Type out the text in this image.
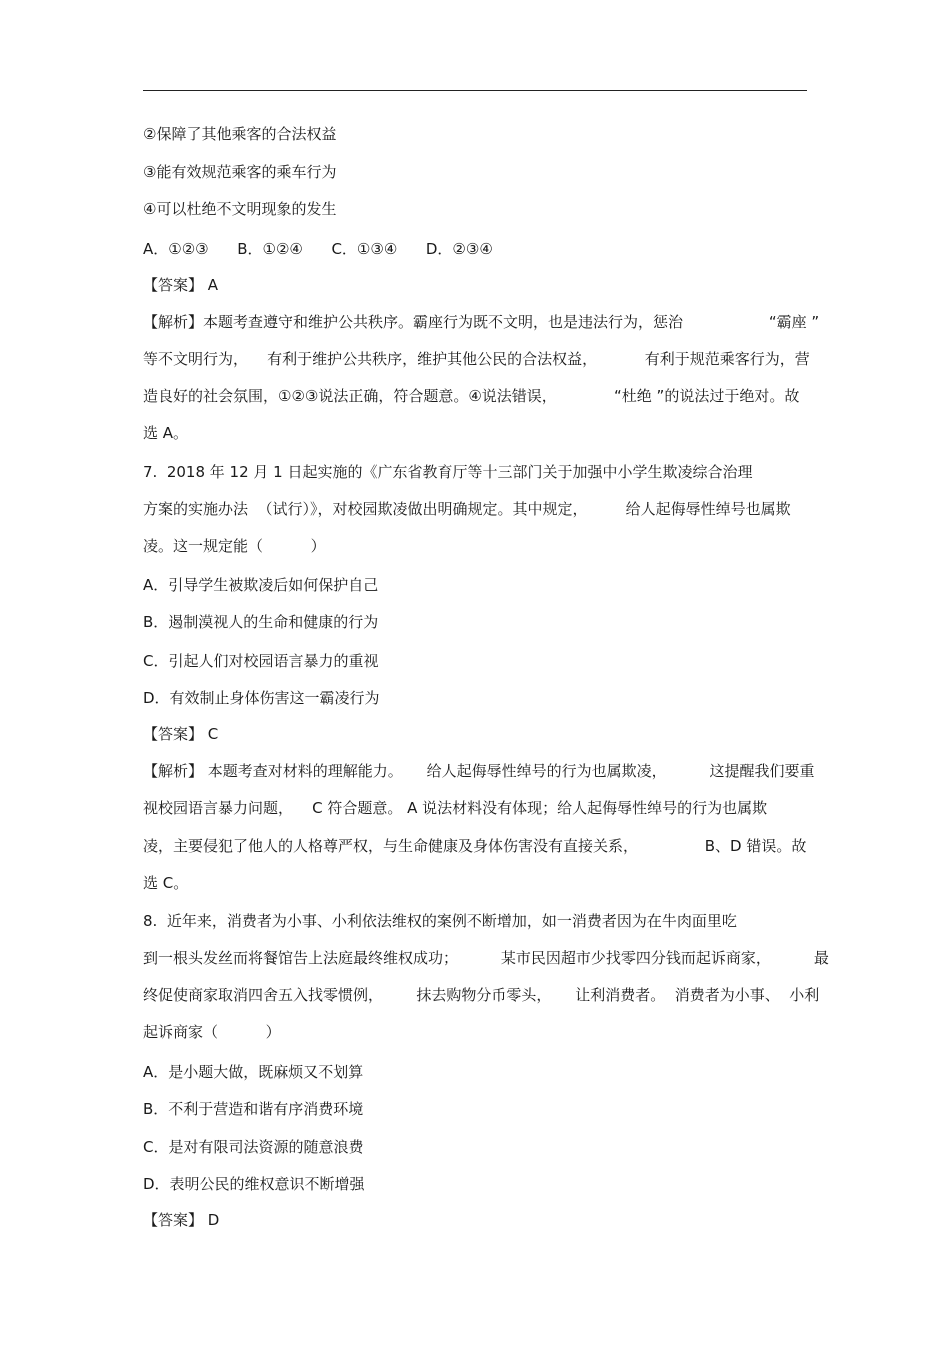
②保障了其他乘客的合法权益
③能有效规范乘客的乘车行为
④可以杜绝不文明现象的发生
A．①②③      B．①②④      C．①③④      D．②③④
【答案】 A
【解析】本题考查遵守和维护公共秩序。霸座行为既不文明，也是违法行为，惩治                  “霸座 ”
等不文明行为，    有利于维护公共秩序，维护其他公民的合法权益，          有利于规范乘客行为，营
造良好的社会氛围，①②③说法正确，符合题意。④说法错误，            “杜绝 ”的说法过于绝对。故
选 A。
7.  2018 年 12 月 1 日起实施的《广东省教育厅等十三部门关于加强中小学生欺凌综合治理
方案的实施办法  （试行）》，对校园欺凌做出明确规定。其中规定，        给人起侮辱性绰号也属欺
凌。这一规定能（          ）
A．引导学生被欺凌后如何保护自己
B．遏制漠视人的生命和健康的行为
C．引起人们对校园语言暴力的重视
D．有效制止身体伤害这一霸凌行为
【答案】 C
【解析】 本题考查对材料的理解能力。     给人起侮辱性绰号的行为也属欺凌，         这提醒我们要重
视校园语言暴力问题，    C 符合题意。 A 说法材料没有体现；给人起侮辱性绰号的行为也属欺
凌，主要侵犯了他人的人格尊严权，与生命健康及身体伤害没有直接关系，              B、D 错误。故
选 C。
8.  近年来，消费者为小事、小利依法维权的案例不断增加，如一消费者因为在牛肉面里吃
到一根头发丝而将餐馆告上法庭最终维权成功；         某市民因超市少找零四分钱而起诉商家，         最
终促使商家取消四舍五入找零惯例，       抹去购物分币零头，     让利消费者。  消费者为小事、  小利
起诉商家（          ）
A．是小题大做，既麻烦又不划算
B．不利于营造和谐有序消费环境
C．是对有限司法资源的随意浪费
D．表明公民的维权意识不断增强
【答案】 D
